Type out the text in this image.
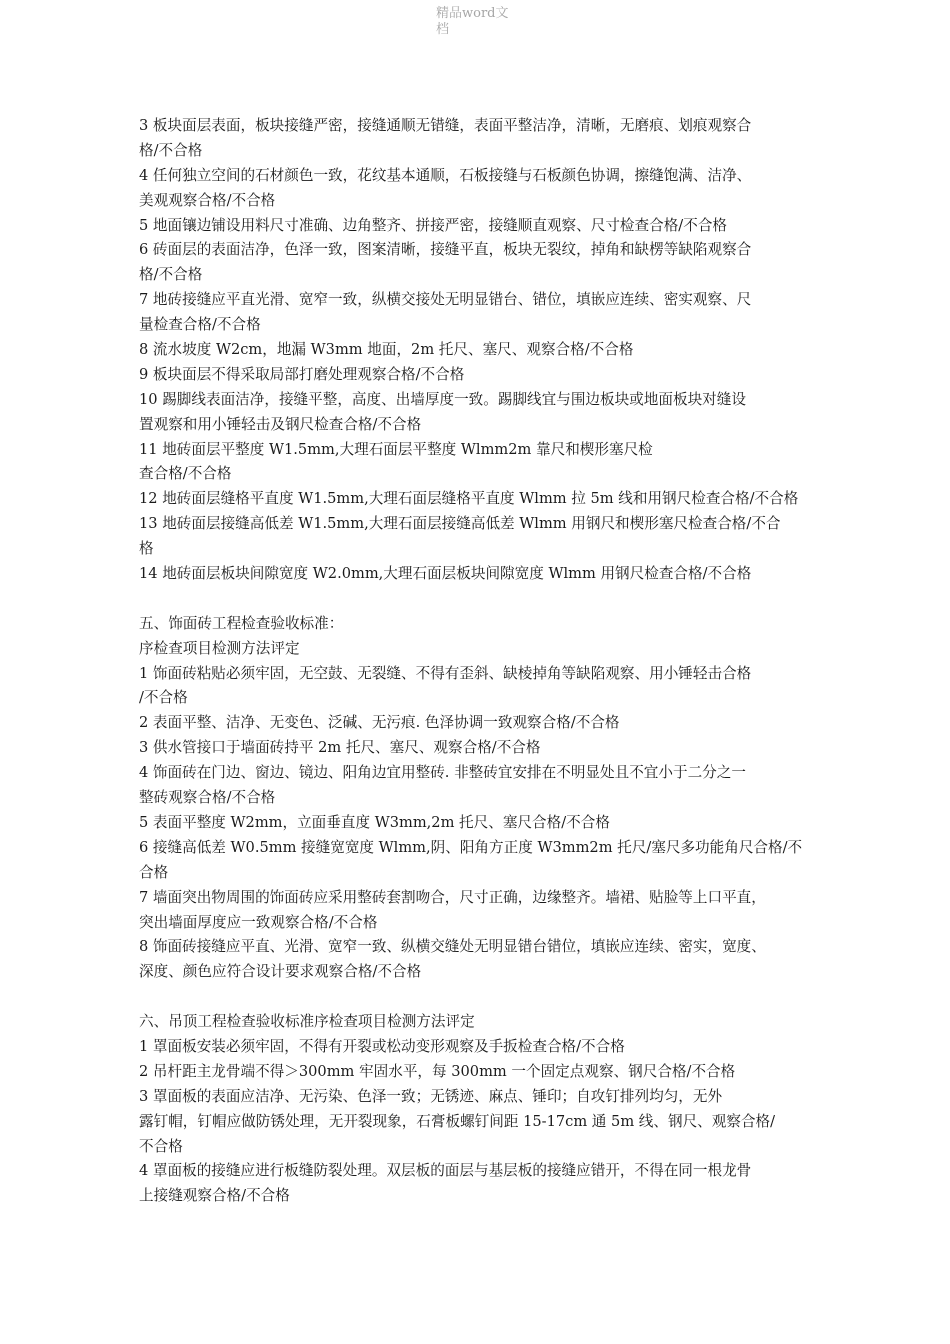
精品word文档
3 板块面层表面，板块接缝严密，接缝通顺无错缝，表面平整洁净，清晰，无磨痕、划痕观察合
格/不合格
4 任何独立空间的石材颜色一致，花纹基本通顺，石板接缝与石板颜色协调，擦缝饱满、洁净、
美观观察合格/不合格
5 地面镶边铺设用料尺寸准确、边角整齐、拼接严密，接缝顺直观察、尺寸检查合格/不合格
6 砖面层的表面洁净，色泽一致，图案清晰，接缝平直，板块无裂纹，掉角和缺楞等缺陷观察合
格/不合格
7 地砖接缝应平直光滑、宽窄一致，纵横交接处无明显错台、错位，填嵌应连续、密实观察、尺
量检查合格/不合格
8 流水坡度 W2cm，地漏 W3mm 地面，2m 托尺、塞尺、观察合格/不合格
9 板块面层不得采取局部打磨处理观察合格/不合格
10 踢脚线表面洁净，接缝平整，高度、出墙厚度一致。踢脚线宜与围边板块或地面板块对缝设
置观察和用小锤轻击及钢尺检查合格/不合格
11 地砖面层平整度 W1.5mm,大理石面层平整度 Wlmm2m 靠尺和楔形塞尺检
查合格/不合格
12 地砖面层缝格平直度 W1.5mm,大理石面层缝格平直度 Wlmm 拉 5m 线和用钢尺检查合格/不合格
13 地砖面层接缝高低差 W1.5mm,大理石面层接缝高低差 Wlmm 用钢尺和楔形塞尺检查合格/不合
格
14 地砖面层板块间隙宽度 W2.0mm,大理石面层板块间隙宽度 Wlmm 用钢尺检查合格/不合格
五、饰面砖工程检查验收标准：
序检查项目检测方法评定
1 饰面砖粘贴必须牢固，无空鼓、无裂缝、不得有歪斜、缺棱掉角等缺陷观察、用小锤轻击合格
/不合格
2 表面平整、洁净、无变色、泛碱、无污痕. 色泽协调一致观察合格/不合格
3 供水管接口于墙面砖持平 2m 托尺、塞尺、观察合格/不合格
4 饰面砖在门边、窗边、镜边、阳角边宜用整砖. 非整砖宜安排在不明显处且不宜小于二分之一
整砖观察合格/不合格
5 表面平整度 W2mm，立面垂直度 W3mm,2m 托尺、塞尺合格/不合格
6 接缝高低差 W0.5mm 接缝宽宽度 Wlmm,阴、阳角方正度 W3mm2m 托尺/塞尺多功能角尺合格/不
合格
7 墙面突出物周围的饰面砖应采用整砖套割吻合，尺寸正确，边缘整齐。墙裙、贴脸等上口平直，
突出墙面厚度应一致观察合格/不合格
8 饰面砖接缝应平直、光滑、宽窄一致、纵横交缝处无明显错台错位，填嵌应连续、密实，宽度、
深度、颜色应符合设计要求观察合格/不合格
六、吊顶工程检查验收标准序检查项目检测方法评定
1 罩面板安装必须牢固，不得有开裂或松动变形观察及手扳检查合格/不合格
2 吊杆距主龙骨端不得＞300mm 牢固水平，每 300mm 一个固定点观察、钢尺合格/不合格
3 罩面板的表面应洁净、无污染、色泽一致；无锈迹、麻点、锤印；自攻钉排列均匀，无外
露钉帽，钉帽应做防锈处理，无开裂现象，石膏板螺钉间距 15-17cm 通 5m 线、钢尺、观察合格/
不合格
4 罩面板的接缝应进行板缝防裂处理。双层板的面层与基层板的接缝应错开，不得在同一根龙骨
上接缝观察合格/不合格
